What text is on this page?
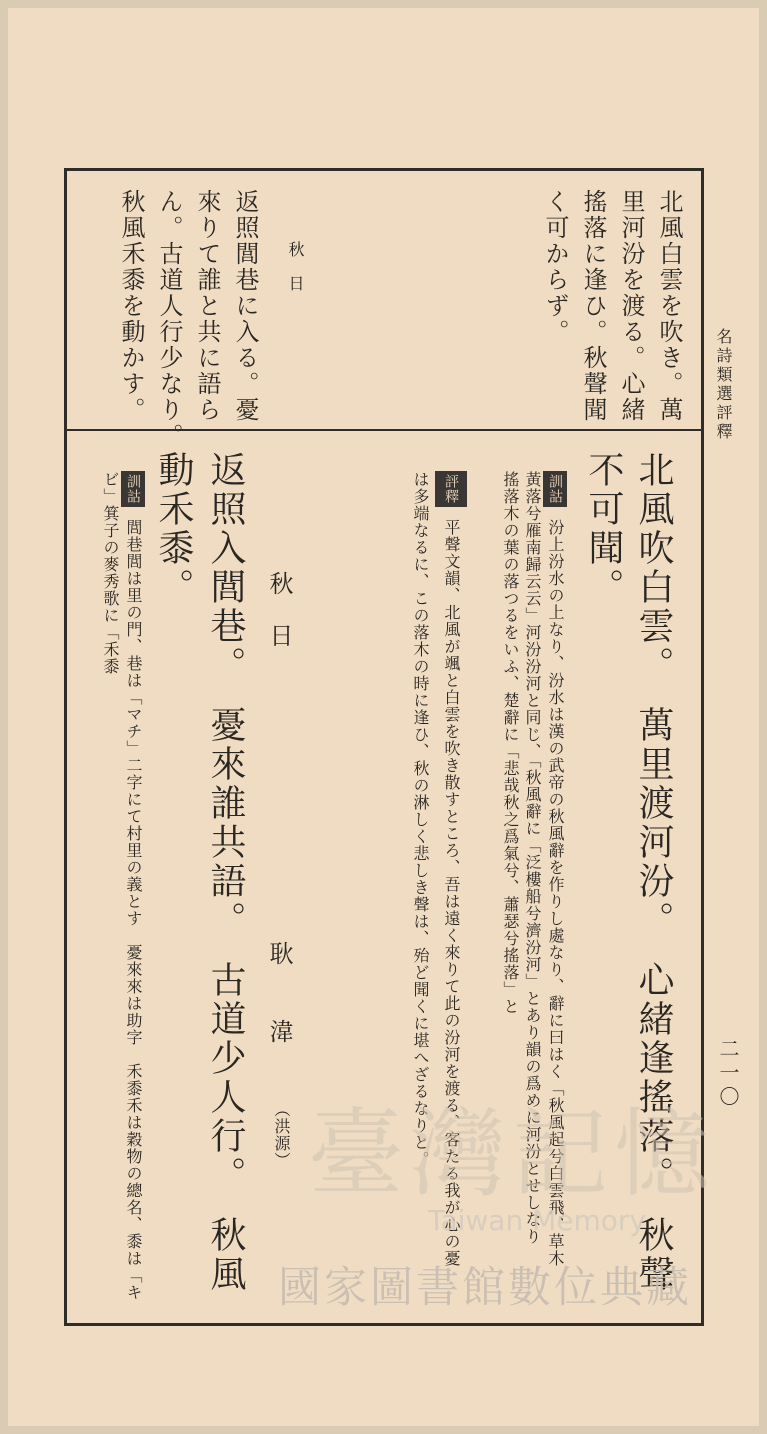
名詩類選評釋
二一〇
北風白雲を吹き。萬
里河汾を渡る。心緒
搖落に逢ひ。秋聲聞
く可からず。
秋　日
返照閭巷に入る。憂
來りて誰と共に語ら
ん。古道人行少なり。
秋風禾黍を動かす。
北風吹白雲。　萬里渡河汾。　心緒逢搖落。　秋聲
不可聞。
訓詁 汾上汾水の上なり、汾水は漢の武帝の秋風辭を作りし處なり、辭に曰はく「秋風起兮白雲飛、草木黃落兮雁南歸云云」河汾汾河と同じ、「秋風辭に「泛樓船兮濟汾河」とあり韻の爲めに河汾とせしなり　搖落木の葉の落つるをいふ、楚辭に「悲哉秋之爲氣兮、蕭瑟兮搖落」と
評釋 平聲文韻、北風が颯と白雲を吹き散すところ、吾は遠く來りて此の汾河を渡る、客たる我が心の憂は多端なるに、この落木の時に逢ひ、秋の淋しく悲しき聲は、殆ど聞くに堪へざるなりと。
秋　日
耿　　湋
（洪源）
返照入閭巷。　憂來誰共語。　古道少人行。　秋風
動禾黍。
訓詁 閭巷閭は里の門、巷は「マチ」二字にて村里の義とす　憂來來は助字　禾黍禾は穀物の總名、黍は「キビ」箕子の麥秀歌に「禾黍
臺灣記憶
Taiwan Memory
國家圖書館數位典藏
